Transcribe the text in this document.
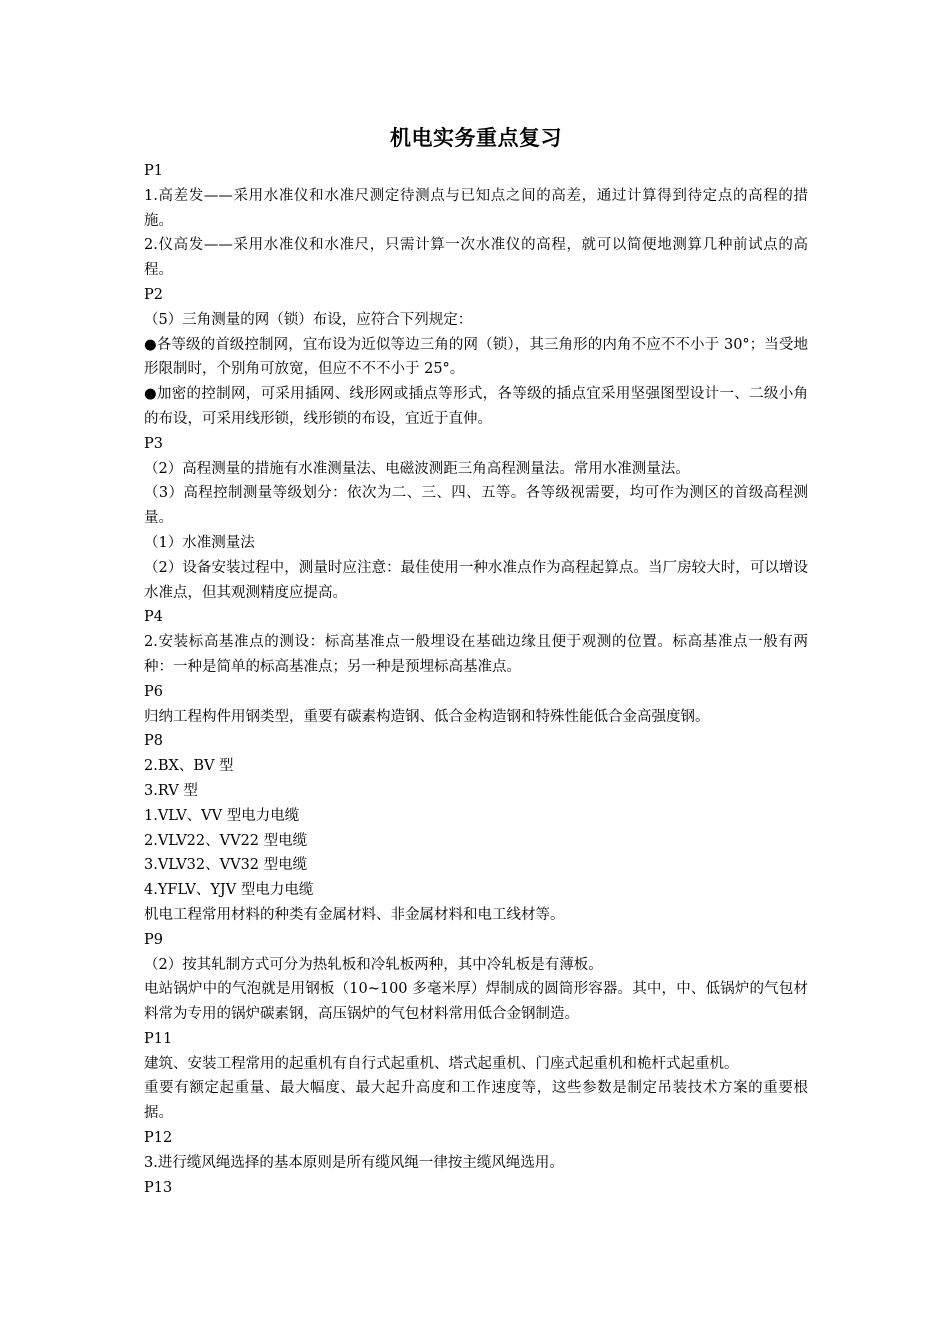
机电实务重点复习

P1

1.高差发——采用水准仪和水准尺测定待测点与已知点之间的高差，通过计算得到待定点的高程的措施。

2.仪高发——采用水准仪和水准尺，只需计算一次水准仪的高程，就可以简便地测算几种前试点的高程。

P2

（5）三角测量的网（锁）布设，应符合下列规定：

●各等级的首级控制网，宜布设为近似等边三角的网（锁），其三角形的内角不应不不小于 30°；当受地形限制时，个别角可放宽，但应不不不小于 25°。

●加密的控制网，可采用插网、线形网或插点等形式，各等级的插点宜采用坚强图型设计一、二级小角的布设，可采用线形锁，线形锁的布设，宜近于直伸。

P3

（2）高程测量的措施有水准测量法、电磁波测距三角高程测量法。常用水准测量法。

（3）高程控制测量等级划分：依次为二、三、四、五等。各等级视需要，均可作为测区的首级高程测量。

（1）水准测量法

（2）设备安装过程中，测量时应注意：最佳使用一种水准点作为高程起算点。当厂房较大时，可以增设水准点，但其观测精度应提高。

P4

2.安装标高基准点的测设：标高基准点一般埋设在基础边缘且便于观测的位置。标高基准点一般有两种：一种是简单的标高基准点；另一种是预埋标高基准点。

P6

归纳工程构件用钢类型，重要有碳素构造钢、低合金构造钢和特殊性能低合金高强度钢。

P8

2.BX、BV 型

3.RV 型

1.VLV、VV 型电力电缆

2.VLV22、VV22 型电缆

3.VLV32、VV32 型电缆

4.YFLV、YJV 型电力电缆

机电工程常用材料的种类有金属材料、非金属材料和电工线材等。

P9

（2）按其轧制方式可分为热轧板和冷轧板两种，其中冷轧板是有薄板。

电站锅炉中的气泡就是用钢板（10~100 多毫米厚）焊制成的圆筒形容器。其中，中、低锅炉的气包材料常为专用的锅炉碳素钢，高压锅炉的气包材料常用低合金钢制造。

P11

建筑、安装工程常用的起重机有自行式起重机、塔式起重机、门座式起重机和桅杆式起重机。

重要有额定起重量、最大幅度、最大起升高度和工作速度等，这些参数是制定吊装技术方案的重要根据。

P12

3.进行缆风绳选择的基本原则是所有缆风绳一律按主缆风绳选用。

P13
